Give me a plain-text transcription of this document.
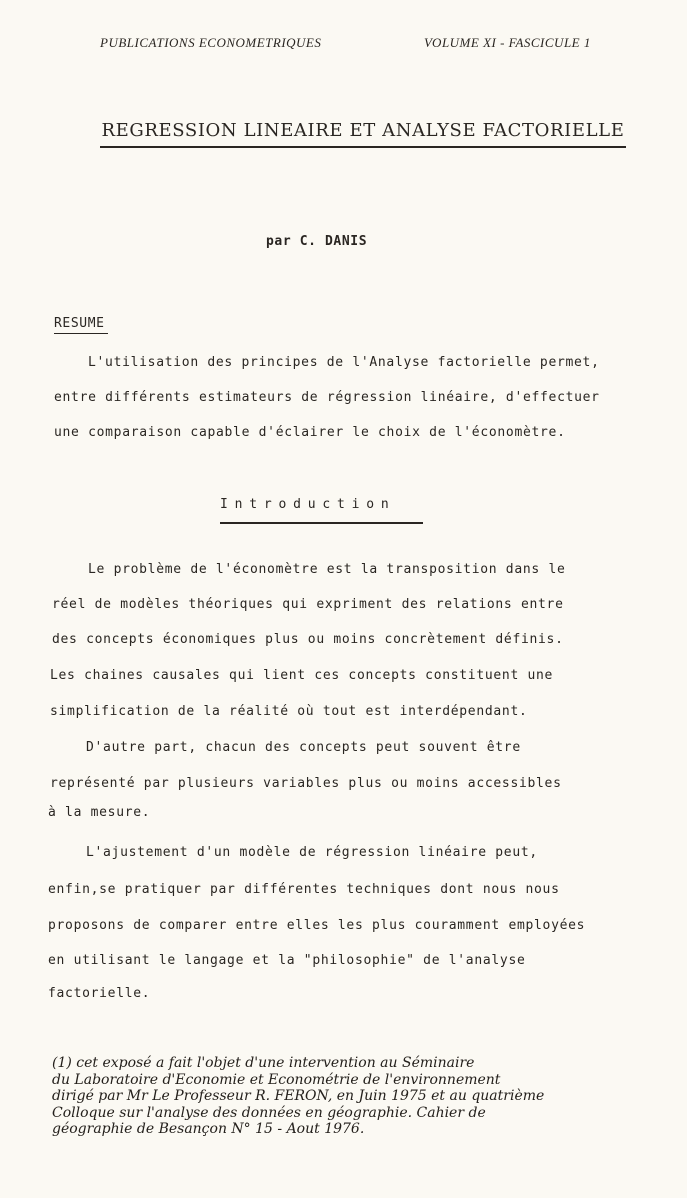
PUBLICATIONS ECONOMETRIQUES	VOLUME XI - FASCICULE 1
REGRESSION LINEAIRE ET ANALYSE FACTORIELLE
par C. DANIS
RESUME
L'utilisation des principes de l'Analyse factorielle permet,
entre différents estimateurs de régression linéaire, d'effectuer
une comparaison capable d'éclairer le choix de l'économètre.
Introduction
Le problème de l'économètre est la transposition dans le
réel de modèles théoriques qui expriment des relations entre
des concepts économiques plus ou moins concrètement définis.
Les chaines causales qui lient ces concepts constituent une
simplification de la réalité où tout est interdépendant.
D'autre part, chacun des concepts peut souvent être
représenté par plusieurs variables plus ou moins accessibles
à la mesure.
L'ajustement d'un modèle de régression linéaire peut,
enfin,se pratiquer par différentes techniques dont nous nous
proposons de comparer entre elles les plus couramment employées
en utilisant le langage et la "philosophie" de l'analyse
factorielle.
(1) cet exposé a fait l'objet d'une intervention au Séminaire
du Laboratoire d'Economie et Econométrie de l'environnement
dirigé par Mr Le Professeur R. FERON, en Juin 1975 et au quatrième
Colloque sur l'analyse des données en géographie. Cahier de
géographie de Besançon N° 15 - Aout 1976.
